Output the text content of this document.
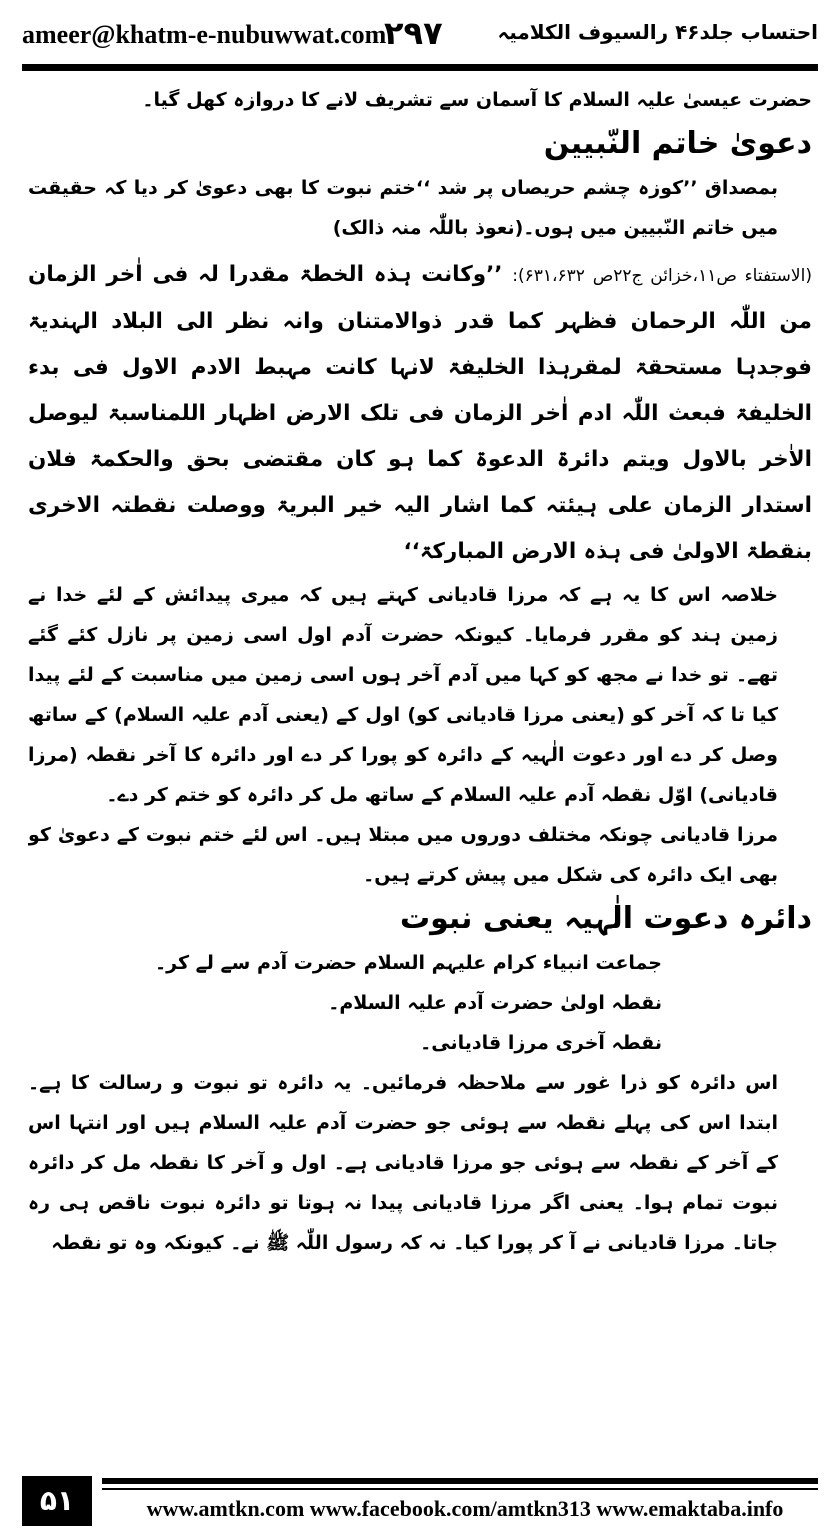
ameer@khatm-e-nubuwwat.com
۲۹۷	احتساب جلد۴۶ رالسیوف الکلامیہ

حضرت عیسیٰ علیہ السلام کا آسمان سے تشریف لانے کا دروازہ کھل گیا۔

دعویٰ خاتم النّبیین

بمصداق ’’کوزہ چشم حریصاں پر شد ‘‘ختم نبوت کا بھی دعویٰ کر دیا کہ حقیقت میں خاتم النّبیین میں ہوں۔(نعوذ باللّٰہ منہ ذالک)

(الاستفتاء ص۱۱،خزائن ج۲۲ص ۶۳۱،۶۳۲): ’’وکانت ہذہ الخطۃ مقدرا لہ فی اٰخر الزمان من اللّٰہ الرحمان فظہر کما قدر ذوالامتنان وانہ نظر الی البلاد الہندیۃ فوجدہا مستحقۃ لمقرہذا الخلیفۃ لانہا کانت مہبط الادم الاول فی بدء الخلیفۃ فبعث اللّٰہ ادم اٰخر الزمان فی تلک الارض اظہار اللمناسبۃ لیوصل الاٰخر بالاول ویتم دائرۃ الدعوۃ کما ہو کان مقتضی بحق والحکمۃ فلان استدار الزمان علی ہیئتہ کما اشار الیہ خیر البریۃ ووصلت نقطتہ الاخری بنقطۃ الاولیٰ فی ہذہ الارض المبارکۃ‘‘

خلاصہ اس کا یہ ہے کہ مرزا قادیانی کہتے ہیں کہ میری پیدائش کے لئے خدا نے زمین ہند کو مقرر فرمایا۔ کیونکہ حضرت آدم اول اسی زمین پر نازل کئے گئے تھے۔ تو خدا نے مجھ کو کہا میں آدم آخر ہوں اسی زمین میں مناسبت کے لئے پیدا کیا تا کہ آخر کو (یعنی مرزا قادیانی کو) اول کے (یعنی آدم علیہ السلام) کے ساتھ وصل کر دے اور دعوت الٰہیہ کے دائرہ کو پورا کر دے اور دائرہ کا آخر نقطہ (مرزا قادیانی) اوّل نقطہ آدم علیہ السلام کے ساتھ مل کر دائرہ کو ختم کر دے۔

مرزا قادیانی چونکہ مختلف دوروں میں مبتلا ہیں۔ اس لئے ختم نبوت کے دعویٰ کو بھی ایک دائرہ کی شکل میں پیش کرتے ہیں۔

دائرہ دعوت الٰہیہ یعنی نبوت

جماعت انبیاء کرام علیہم السلام حضرت آدم سے لے کر۔
نقطہ اولیٰ حضرت آدم علیہ السلام۔
نقطہ آخری مرزا قادیانی۔

اس دائرہ کو ذرا غور سے ملاحظہ فرمائیں۔ یہ دائرہ تو نبوت و رسالت کا ہے۔ ابتدا اس کی پہلے نقطہ سے ہوئی جو حضرت آدم علیہ السلام ہیں اور انتہا اس کے آخر کے نقطہ سے ہوئی جو مرزا قادیانی ہے۔ اول و آخر کا نقطہ مل کر دائرہ نبوت تمام ہوا۔ یعنی اگر مرزا قادیانی پیدا نہ ہوتا تو دائرہ نبوت ناقص ہی رہ جاتا۔ مرزا قادیانی نے آ کر پورا کیا۔ نہ کہ رسول اللّٰہ ﷺ نے۔ کیونکہ وہ تو نقطہ

۵۱	www.amtkn.com www.facebook.com/amtkn313 www.emaktaba.info
